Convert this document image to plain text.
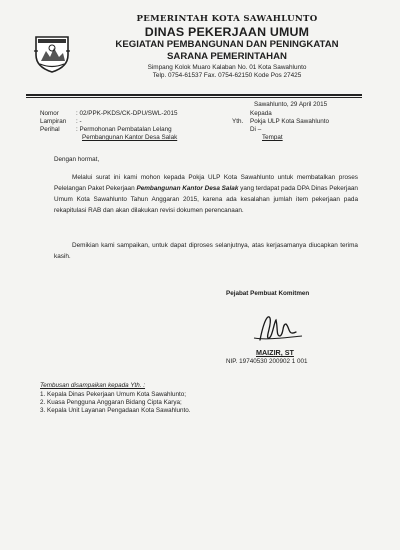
PEMERINTAH KOTA SAWAHLUNTO
DINAS PEKERJAAN UMUM
KEGIATAN PEMBANGUNAN DAN PENINGKATAN
SARANA PEMERINTAHAN
Simpang Kolok Muaro Kalaban No. 01 Kota Sawahlunto
Telp. 0754-61537 Fax. 0754-62150 Kode Pos 27425
Sawahlunto, 29 April 2015
Nomor	: 02/PPK-PKDS/CK-DPU/SWL-2015
Lampiran : -
Perihal	: Permohonan Pembatalan Lelang
Pembangunan Kantor Desa Salak
Kepada
Yth. Pokja ULP Kota Sawahlunto
Di –
Tempat
Dengan hormat,
Melalui surat ini kami mohon kepada Pokja ULP Kota Sawahlunto untuk membatalkan proses Pelelangan Paket Pekerjaan Pembangunan Kantor Desa Salak yang terdapat pada DPA Dinas Pekerjaan Umum Kota Sawahlunto Tahun Anggaran 2015, karena ada kesalahan jumlah item pekerjaan pada rekapitulasi RAB dan akan dilakukan revisi dokumen perencanaan.
Demikian kami sampaikan, untuk dapat diproses selanjutnya, atas kerjasamanya diucapkan terima kasih.
Pejabat Pembuat Komitmen
MAIZIR, ST
NIP. 19740530 200902 1 001
Tembusan disampaikan kepada Yth. :
1. Kepala Dinas Pekerjaan Umum Kota Sawahlunto;
2. Kuasa Pengguna Anggaran Bidang Cipta Karya;
3. Kepala Unit Layanan Pengadaan Kota Sawahlunto.
